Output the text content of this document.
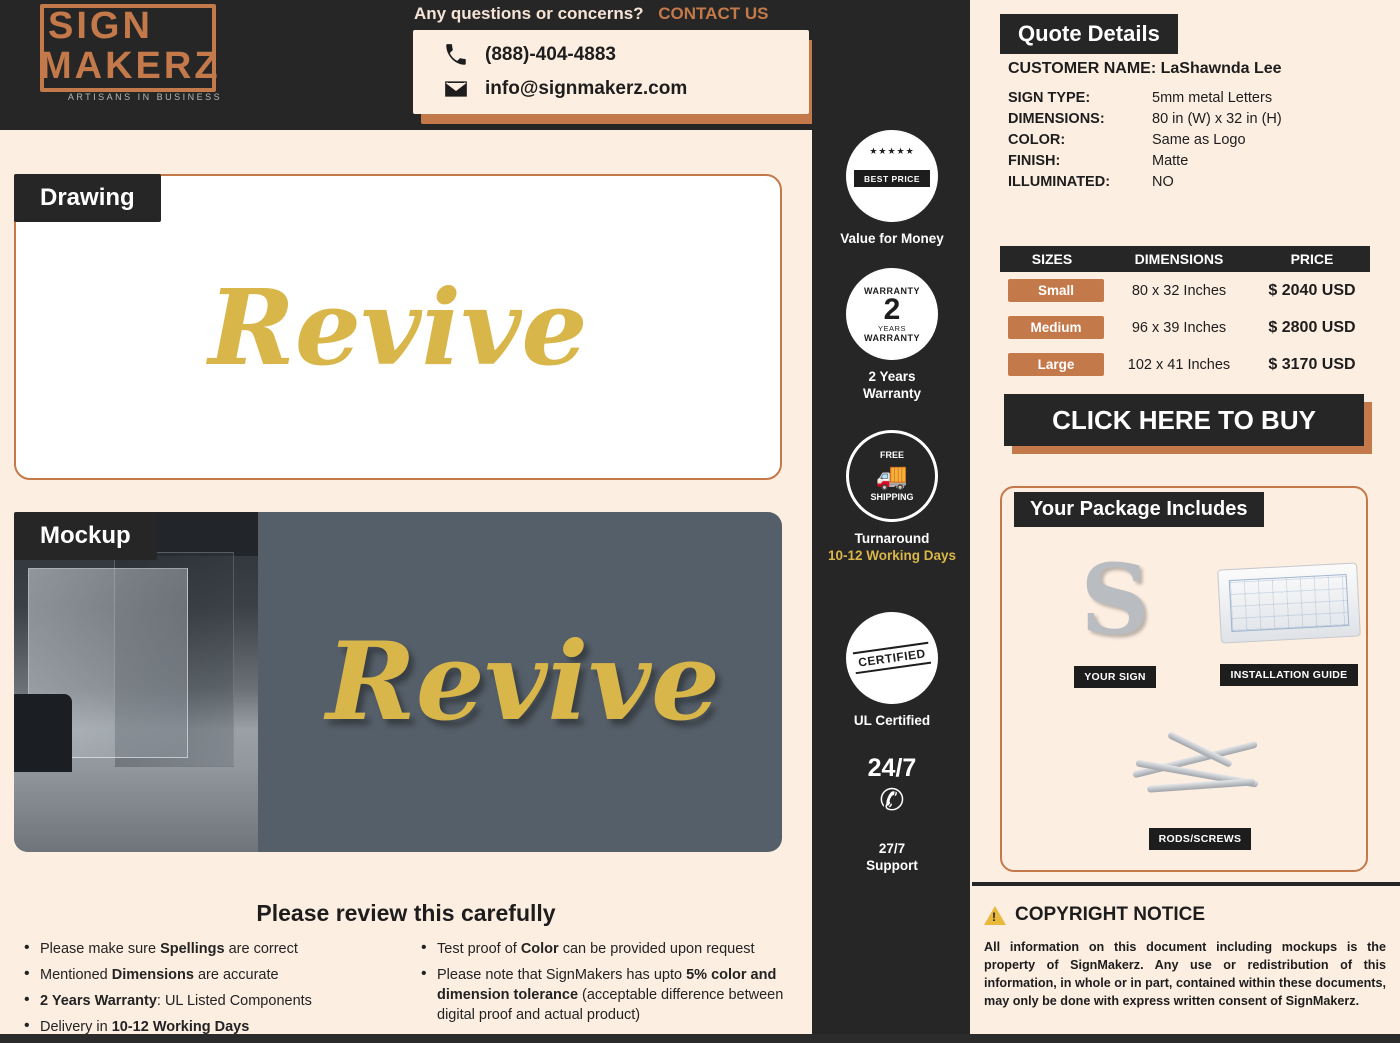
SIGN MAKERZ
ARTISANS IN BUSINESS
Any questions or concerns? CONTACT US
(888)-404-4883
info@signmakerz.com
Revive
Drawing
Revive
Mockup
Please review this carefully
• Please make sure Spellings are correct
• Mentioned Dimensions are accurate
• 2 Years Warranty: UL Listed Components
• Delivery in 10-12 Working Days
• Test proof of Color can be provided upon request
• Please note that SignMakers has upto 5% color and dimension tolerance (acceptable difference between digital proof and actual product)
★★★★★
BEST PRICE
Value for Money
WARRANTY
2
YEARS
WARRANTY
2 Years
Warranty
FREE
🚚
SHIPPING
Turnaround
10-12 Working Days
CERTIFIED
UL Certified
24/7
✆
27/7
Support
Quote Details
CUSTOMER NAME: LaShawnda Lee
SIGN TYPE:	5mm metal Letters
DIMENSIONS:	80 in (W) x 32 in (H)
COLOR:	Same as Logo
FINISH:	Matte
ILLUMINATED:	NO
SIZES	DIMENSIONS	PRICE
Small	80 x 32 Inches	$ 2040 USD
Medium	96 x 39 Inches	$ 2800 USD
Large	102 x 41 Inches	$ 3170 USD
CLICK HERE TO BUY
Your Package Includes
S
YOUR SIGN	INSTALLATION GUIDE
RODS/SCREWS
!
COPYRIGHT NOTICE
All information on this document including mockups is the property of SignMakerz. Any use or redistribution of this information, in whole or in part, contained within these documents, may only be done with express written consent of SignMakerz.
